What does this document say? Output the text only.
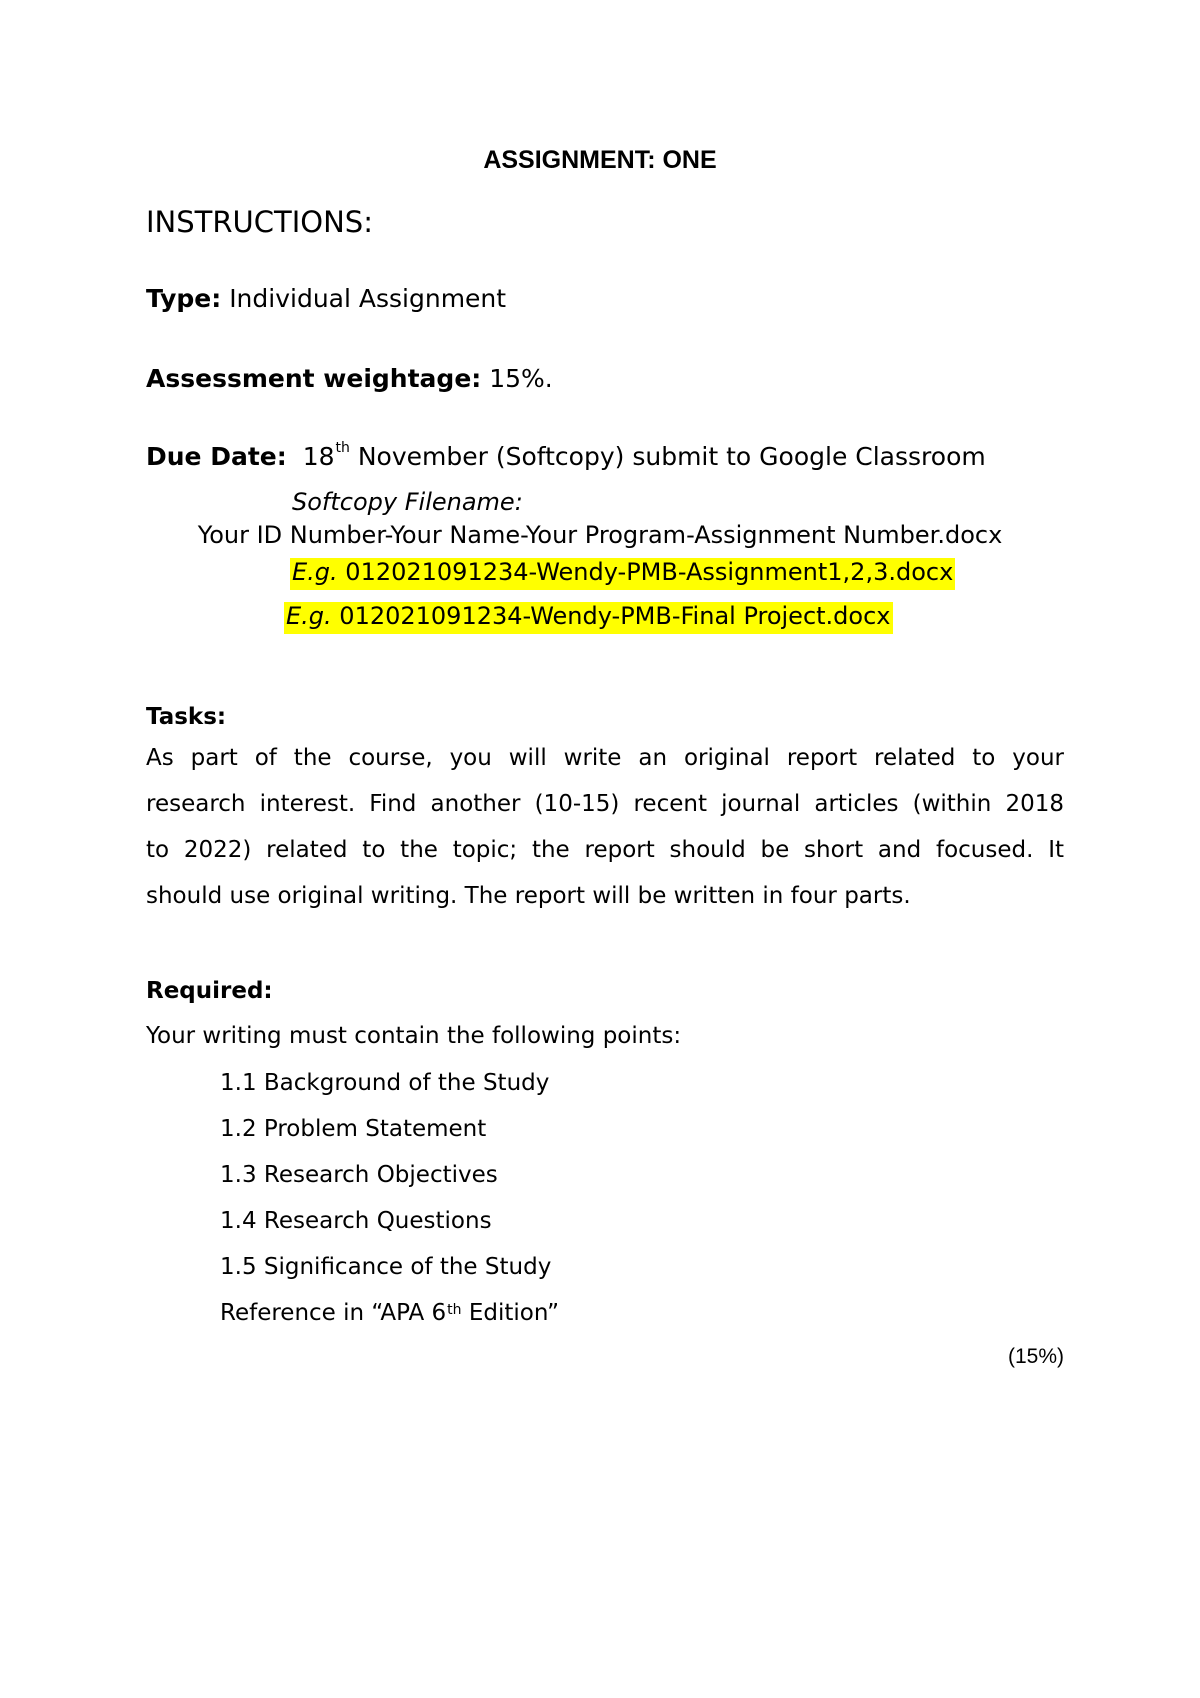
ASSIGNMENT: ONE
INSTRUCTIONS:
Type: Individual Assignment
Assessment weightage: 15%.
Due Date: 18th November (Softcopy) submit to Google Classroom
Softcopy Filename:
Your ID Number-Your Name-Your Program-Assignment Number.docx
E.g. 012021091234-Wendy-PMB-Assignment1,2,3.docx
E.g. 012021091234-Wendy-PMB-Final Project.docx
Tasks:

As part of the course, you will write an original report related to your
research interest. Find another (10-15) recent journal articles (within 2018
to 2022) related to the topic; the report should be short and focused. It
should use original writing. The report will be written in four parts.

Required:
Your writing must contain the following points:
1.1 Background of the Study
1.2 Problem Statement
1.3 Research Objectives
1.4 Research Questions
1.5 Significance of the Study
Reference in “APA 6th Edition”
(15%)
